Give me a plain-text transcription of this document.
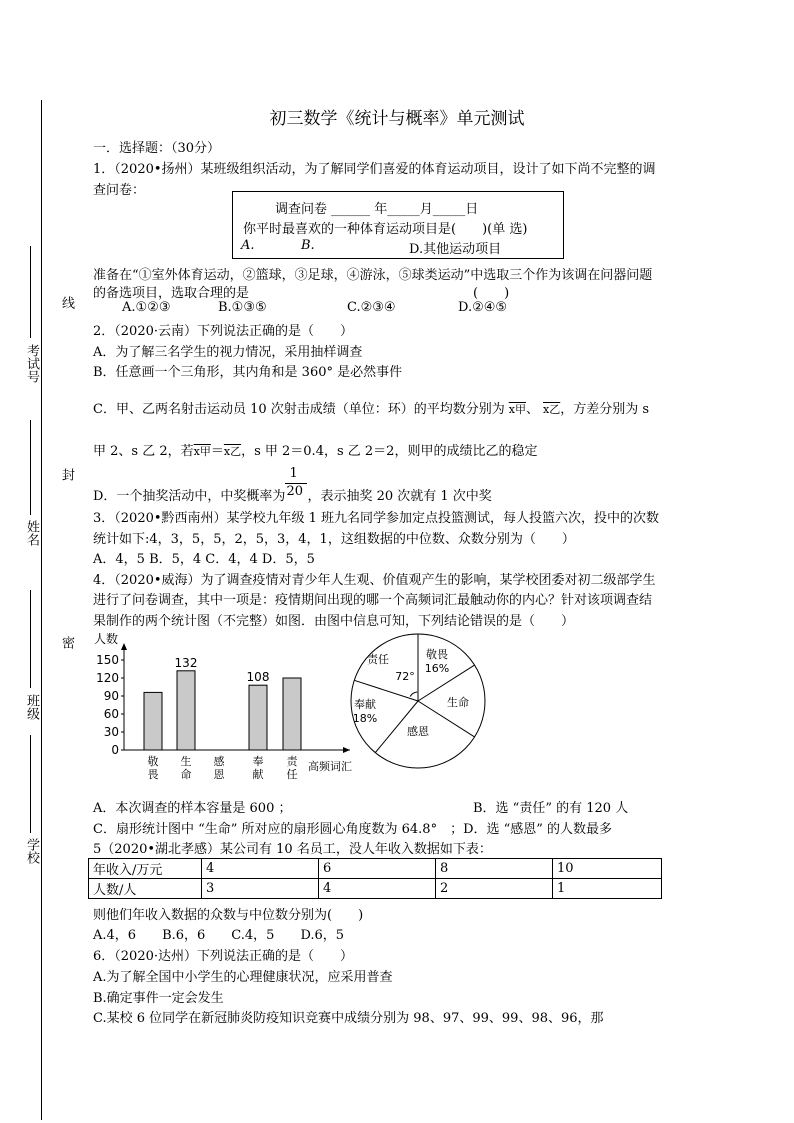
考试号
姓名
班级
学校
线
封
密
初三数学《统计与概率》单元测试
一．选择题：（30分）
1．（2020•扬州）某班级组织活动，为了解同学们喜爱的体育运动项目，设计了如下尚不完整的调
查问卷：
调查问卷 ______ 年_____月_____日
你平时最喜欢的一种体育运动项目是(　　)(单 选)
A.	B.	D.其他运动项目
准备在“①室外体育运动，②篮球，③足球，④游泳，⑤球类运动”中选取三个作为该调在问器问题
的备选项目，选取合理的是	(　　)
A.①②③	B.①③⑤	C.②③④	D.②④⑤
2．（2020·云南）下列说法正确的是（　　）
A．为了解三名学生的视力情况，采用抽样调查
B．任意画一个三角形，其内角和是 360° 是必然事件
C．甲、乙两名射击运动员 10 次射击成绩（单位：环）的平均数分别为 x甲、 x乙，方差分别为 s
甲 2、s 乙 2，若x甲＝x乙，s 甲 2＝0.4，s 乙 2＝2，则甲的成绩比乙的稳定
D．一个抽奖活动中，中奖概率为 $\frac{1}{20}$ ，表示抽奖 20 次就有 1 次中奖
3．（2020•黔西南州）某学校九年级 1 班九名同学参加定点投篮测试，每人投篮六次，投中的次数
统计如下:4，3，5，5，2，5，3，4，1，这组数据的中位数、众数分别为（　　）
A．4，5 B．5，4 C．4，4 D．5，5
4．（2020•威海）为了调查疫情对青少年人生观、价值观产生的影响，某学校团委对初二级部学生
进行了问卷调查，其中一项是：疫情期间出现的哪一个高频词汇最触动你的内心？针对该项调查结
果制作的两个统计图（不完整）如图．由图中信息可知，下列结论错误的是（　　）
人数
0
30
60
90
120
150
敬
畏
132
生
命
感
恩
108
奉
献
责
任
高频词汇
责任
72°
敬畏
16%
生命
感恩
奉献
18%
A．本次调查的样本容量是 600 ；	B．选 “责任” 的有 120 人
C．扇形统计图中 “生命” 所对应的扇形圆心角度数为 64.8°　；D．选 “感恩” 的人数最多
5（2020•湖北孝感）某公司有 10 名员工，没人年收入数据如下表：
年收入/万元	4	6	8	10
人数/人	3	4	2	1
则他们年收入数据的众数与中位数分别为(　　)
A.4，6　　B.6，6　　C.4，5　　D.6，5
6．（2020·达州）下列说法正确的是（　　）
A.为了解全国中小学生的心理健康状况，应采用普查
B.确定事件一定会发生
C.某校 6 位同学在新冠肺炎防疫知识竞赛中成绩分别为 98、97、99、99、98、96，那
